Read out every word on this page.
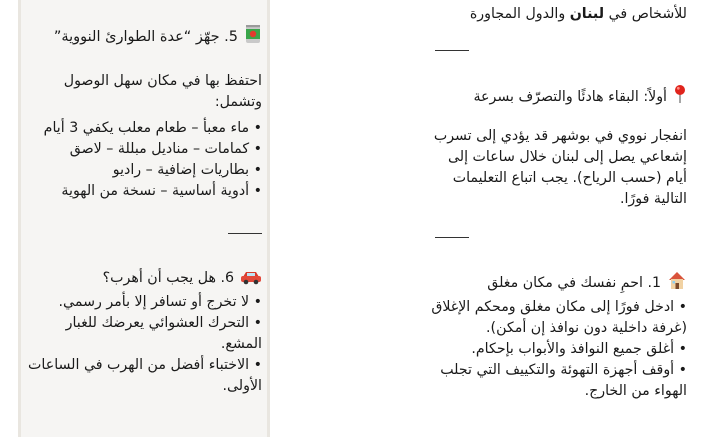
5. جهّز “عدة الطوارئ النووية”

احتفظ بها في مكان سهل الوصول وتشمل:

• ماء معبأ – طعام معلب يكفي 3 أيام

• كمامات – مناديل مبللة – لاصق

• بطاريات إضافية – راديو

• أدوية أساسية – نسخة من الهوية

6. هل يجب أن أهرب؟

• لا تخرج أو تسافر إلا بأمر رسمي.

• التحرك العشوائي يعرضك للغبار المشع.

• الاختباء أفضل من الهرب في الساعات الأولى.

للأشخاص في لبنان والدول المجاورة

أولاً: البقاء هادئًا والتصرّف بسرعة

انفجار نووي في بوشهر قد يؤدي إلى تسرب إشعاعي يصل إلى لبنان خلال ساعات إلى أيام (حسب الرياح). يجب اتباع التعليمات التالية فورًا.

1. احمِ نفسك في مكان مغلق

• ادخل فورًا إلى مكان مغلق ومحكم الإغلاق (غرفة داخلية دون نوافذ إن أمكن).

• أغلق جميع النوافذ والأبواب بإحكام.

• أوقف أجهزة التهوئة والتكييف التي تجلب الهواء من الخارج.
